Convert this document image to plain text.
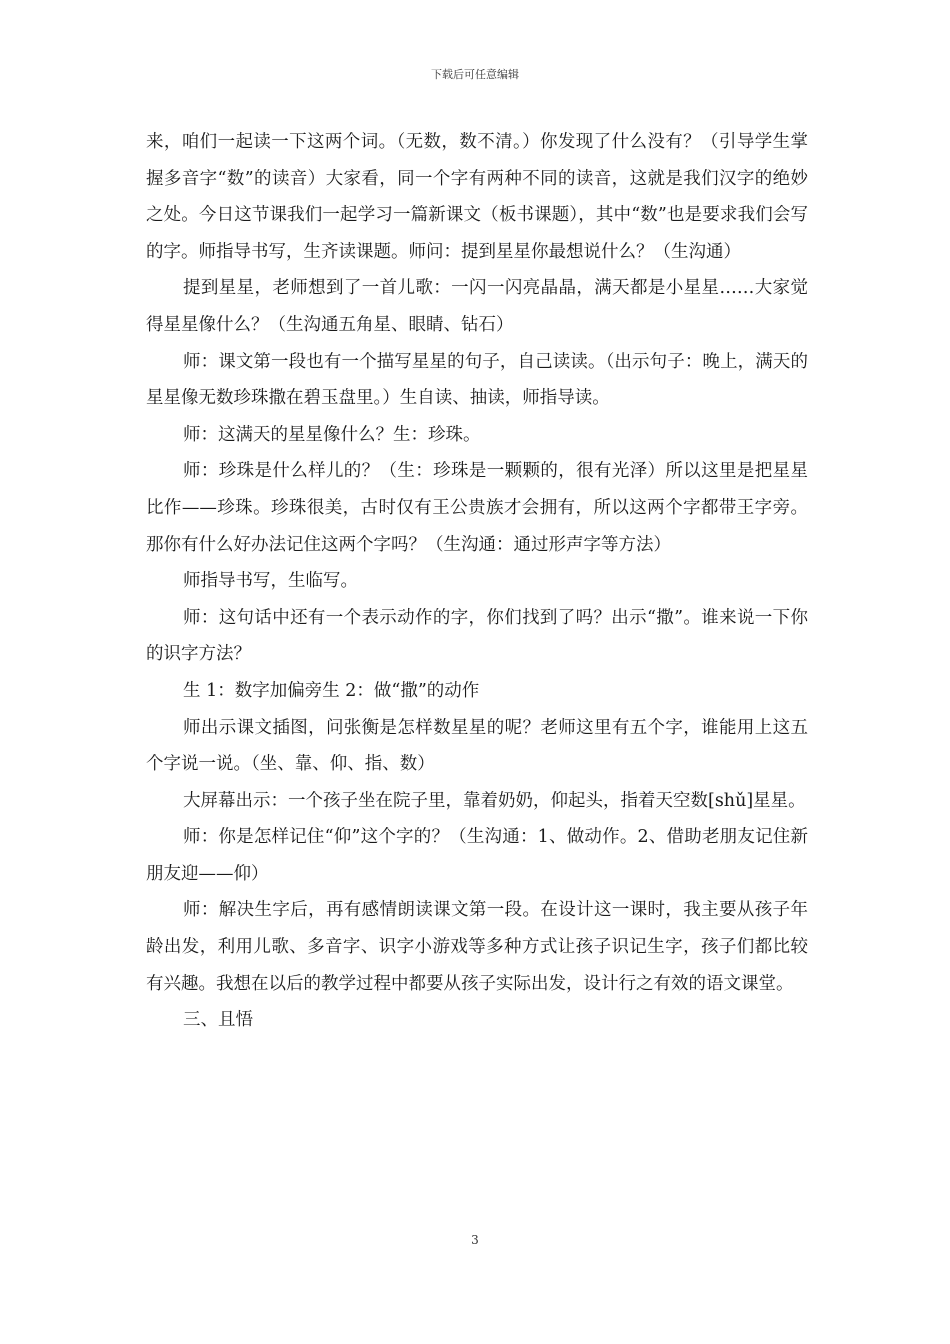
下载后可任意编辑

来，咱们一起读一下这两个词。（无数，数不清。）你发现了什么没有？（引导学生掌握多音字“数”的读音）大家看，同一个字有两种不同的读音，这就是我们汉字的绝妙之处。今日这节课我们一起学习一篇新课文（板书课题），其中“数”也是要求我们会写的字。师指导书写，生齐读课题。师问：提到星星你最想说什么？（生沟通）

提到星星，老师想到了一首儿歌：一闪一闪亮晶晶，满天都是小星星……大家觉得星星像什么？（生沟通五角星、眼睛、钻石）

师：课文第一段也有一个描写星星的句子，自己读读。（出示句子：晚上，满天的星星像无数珍珠撒在碧玉盘里。）生自读、抽读，师指导读。

师：这满天的星星像什么？生：珍珠。

师：珍珠是什么样儿的？（生：珍珠是一颗颗的，很有光泽）所以这里是把星星比作——珍珠。珍珠很美，古时仅有王公贵族才会拥有，所以这两个字都带王字旁。那你有什么好办法记住这两个字吗？（生沟通：通过形声字等方法）

师指导书写，生临写。

师：这句话中还有一个表示动作的字，你们找到了吗？出示“撒”。谁来说一下你的识字方法？

生 1：数字加偏旁生 2：做“撒”的动作

师出示课文插图，问张衡是怎样数星星的呢？老师这里有五个字，谁能用上这五个字说一说。（坐、靠、仰、指、数）

大屏幕出示：一个孩子坐在院子里，靠着奶奶，仰起头，指着天空数[shǔ]星星。

师：你是怎样记住“仰”这个字的？（生沟通：1、做动作。2、借助老朋友记住新朋友迎——仰）

师：解决生字后，再有感情朗读课文第一段。在设计这一课时，我主要从孩子年龄出发，利用儿歌、多音字、识字小游戏等多种方式让孩子识记生字，孩子们都比较有兴趣。我想在以后的教学过程中都要从孩子实际出发，设计行之有效的语文课堂。

三、且悟

3
